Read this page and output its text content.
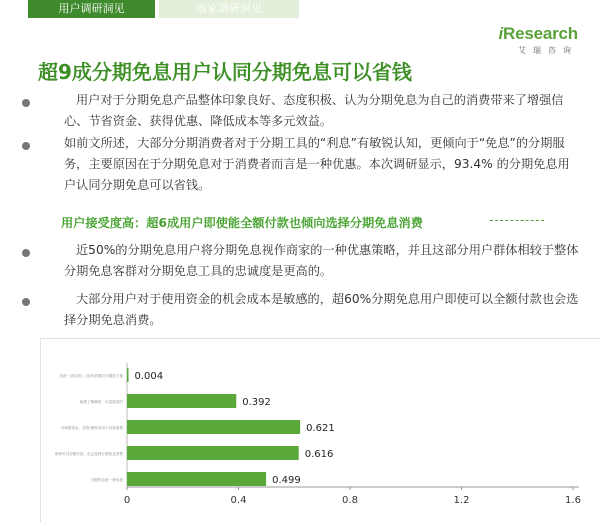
用户调研洞见	商家调研洞见
iResearch
艾瑞咨询
超9成分期免息用户认同分期免息可以省钱
用户对于分期免息产品整体印象良好、态度积极、认为分期免息为自己的消费带来了增强信心、节省资金、获得优惠、降低成本等多元效益。
如前文所述，大部分分期消费者对于分期工具的“利息”有敏锐认知，更倾向于“免息”的分期服务，主要原因在于分期免息对于消费者而言是一种优惠。本次调研显示，93.4% 的分期免息用户认同分期免息可以省钱。
用户接受度高：超6成用户即使能全额付款也倾向选择分期免息消费
近50%的分期免息用户将分期免息视作商家的一种优惠策略，并且这部分用户群体相较于整体分期免息客群对分期免息工具的忠诚度是更高的。
大部分用户对于使用资金的机会成本是敏感的，超60%分期免息用户即使可以全额付款也会选择分期免息消费。
0	0.4	0.8	1.2	1.6
0.004
其他（请注明）/ 如有需要时分期很方便
0.392
能帮了解额度、可量数量时
0.621
可调配资金，投资/理财或用于其他消费
0.616
即使可以全额付款，也会选择分期免息消费
0.499
分期免息是一种优惠
